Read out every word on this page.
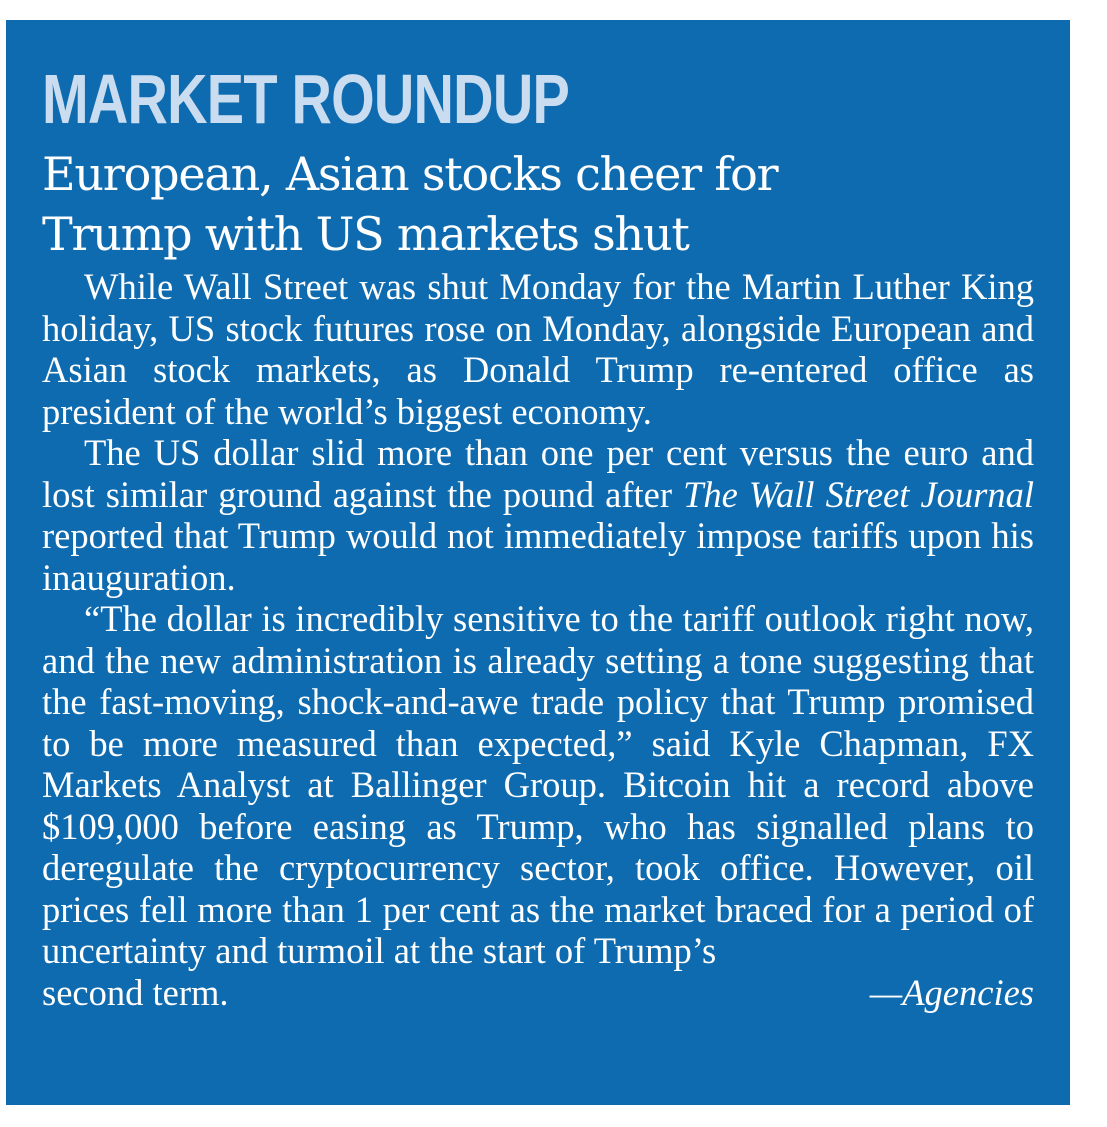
MARKET ROUNDUP
European, Asian stocks cheer for
Trump with US markets shut

While Wall Street was shut Monday for the Martin Luther King holiday, US stock futures rose on Monday, alongside European and Asian stock markets, as Donald Trump re-entered office as president of the world’s biggest economy.

The US dollar slid more than one per cent versus the euro and lost similar ground against the pound after The Wall Street Journal reported that Trump would not immediately impose tariffs upon his inauguration.

“The dollar is incredibly sensitive to the tariff outlook right now, and the new administration is already setting a tone suggesting that the fast-moving, shock-and-awe trade policy that Trump promised to be more measured than expected,” said Kyle Chapman, FX Markets Analyst at Ballinger Group. Bitcoin hit a record above $109,000 before easing as Trump, who has signalled plans to deregulate the cryptocurrency sector, took office. However, oil prices fell more than 1 per cent as the market braced for a period of uncertainty and turmoil at the start of Trump’s

second term.	—Agencies
